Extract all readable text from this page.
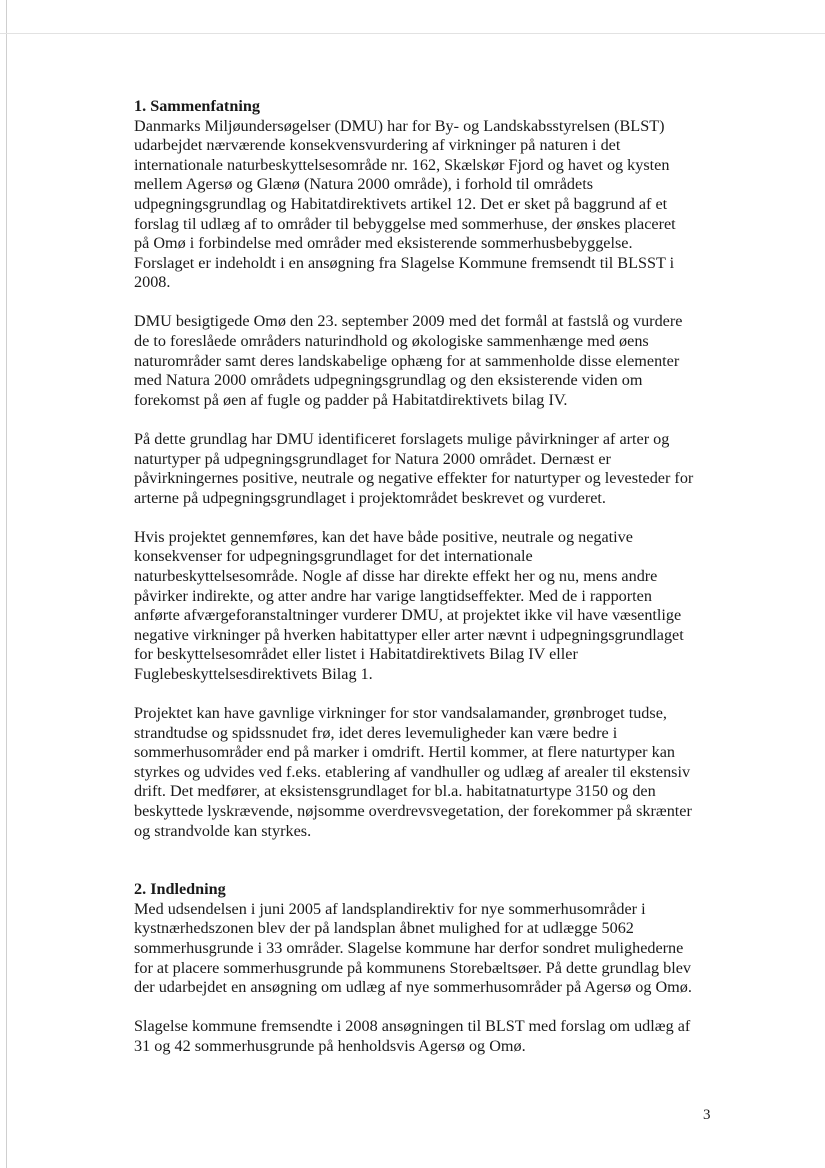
1. Sammenfatning

Danmarks Miljøundersøgelser (DMU) har for By- og Landskabsstyrelsen (BLST)
udarbejdet nærværende konsekvensvurdering af virkninger på naturen i det
internationale naturbeskyttelsesområde nr. 162, Skælskør Fjord og havet og kysten
mellem Agersø og Glænø (Natura 2000 område), i forhold til områdets
udpegningsgrundlag og Habitatdirektivets artikel 12. Det er sket på baggrund af et
forslag til udlæg af to områder til bebyggelse med sommerhuse, der ønskes placeret
på Omø i forbindelse med områder med eksisterende sommerhusbebyggelse.
Forslaget er indeholdt i en ansøgning fra Slagelse Kommune fremsendt til BLSST i
2008.

DMU besigtigede Omø den 23. september 2009 med det formål at fastslå og vurdere
de to foreslåede områders naturindhold og økologiske sammenhænge med øens
naturområder samt deres landskabelige ophæng for at sammenholde disse elementer
med Natura 2000 områdets udpegningsgrundlag og den eksisterende viden om
forekomst på øen af fugle og padder på Habitatdirektivets bilag IV.

På dette grundlag har DMU identificeret forslagets mulige påvirkninger af arter og
naturtyper på udpegningsgrundlaget for Natura 2000 området. Dernæst er
påvirkningernes positive, neutrale og negative effekter for naturtyper og levesteder for
arterne på udpegningsgrundlaget i projektområdet beskrevet og vurderet.

Hvis projektet gennemføres, kan det have både positive, neutrale og negative
konsekvenser for udpegningsgrundlaget for det internationale
naturbeskyttelsesområde. Nogle af disse har direkte effekt her og nu, mens andre
påvirker indirekte, og atter andre har varige langtidseffekter. Med de i rapporten
anførte afværgeforanstaltninger vurderer DMU, at projektet ikke vil have væsentlige
negative virkninger på hverken habitattyper eller arter nævnt i udpegningsgrundlaget
for beskyttelsesområdet eller listet i Habitatdirektivets Bilag IV eller
Fuglebeskyttelsesdirektivets Bilag 1.

Projektet kan have gavnlige virkninger for stor vandsalamander, grønbroget tudse,
strandtudse og spidssnudet frø, idet deres levemuligheder kan være bedre i
sommerhusområder end på marker i omdrift. Hertil kommer, at flere naturtyper kan
styrkes og udvides ved f.eks. etablering af vandhuller og udlæg af arealer til ekstensiv
drift. Det medfører, at eksistensgrundlaget for bl.a. habitatnaturtype 3150 og den
beskyttede lyskrævende, nøjsomme overdrevsvegetation, der forekommer på skrænter
og strandvolde kan styrkes.

2. Indledning

Med udsendelsen i juni 2005 af landsplandirektiv for nye sommerhusområder i
kystnærhedszonen blev der på landsplan åbnet mulighed for at udlægge 5062
sommerhusgrunde i 33 områder. Slagelse kommune har derfor sondret mulighederne
for at placere sommerhusgrunde på kommunens Storebæltsøer. På dette grundlag blev
der udarbejdet en ansøgning om udlæg af nye sommerhusområder på Agersø og Omø.

Slagelse kommune fremsendte i 2008 ansøgningen til BLST med forslag om udlæg af
31 og 42 sommerhusgrunde på henholdsvis Agersø og Omø.

3
